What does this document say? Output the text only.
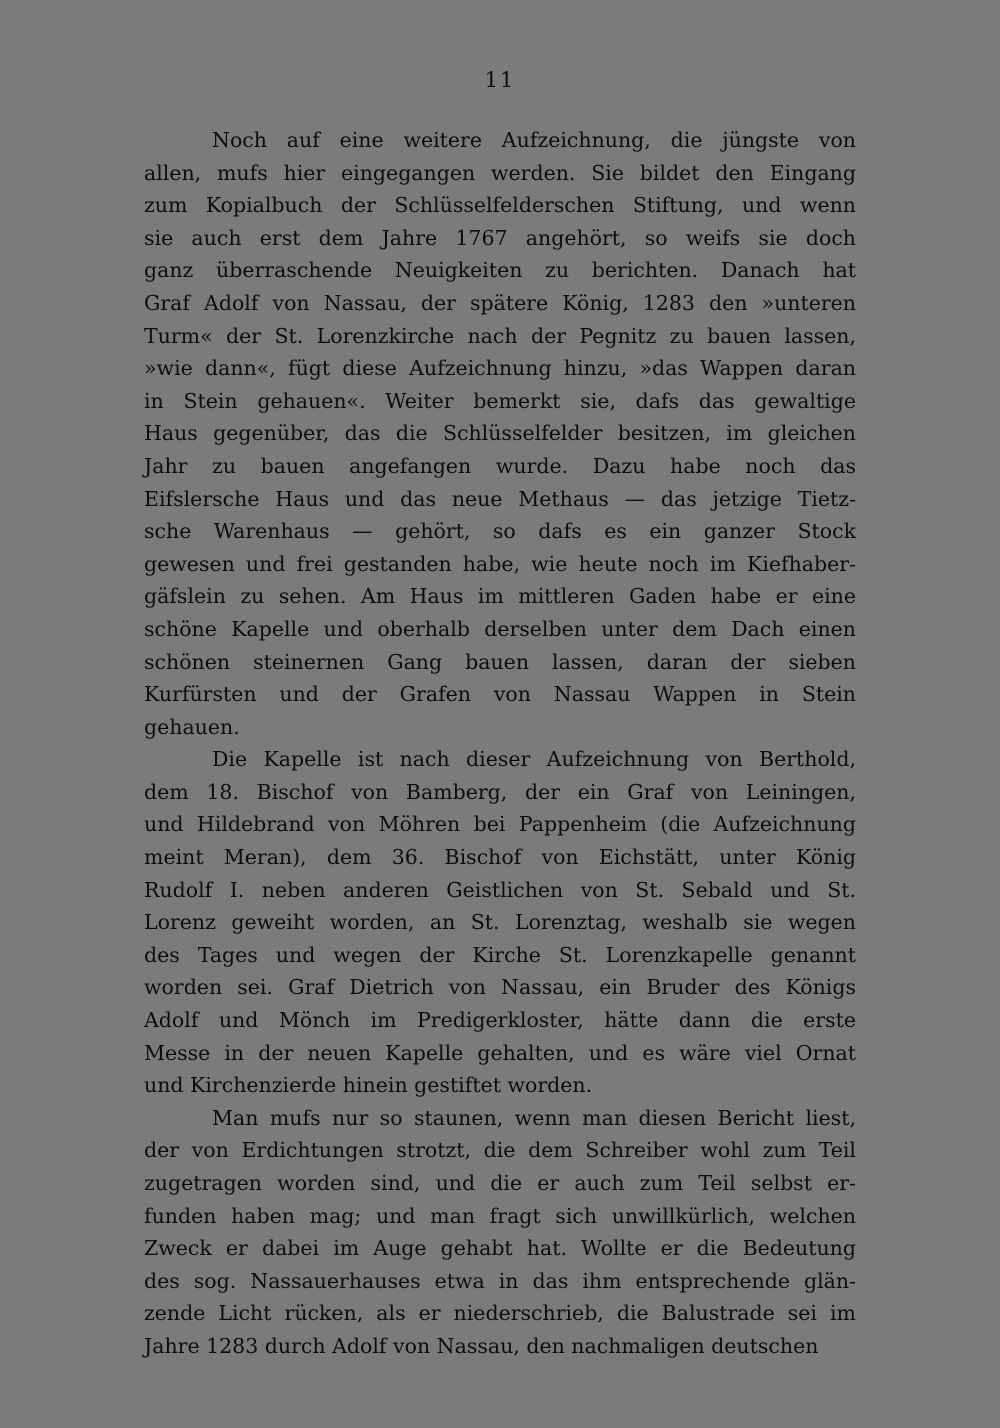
11
Noch auf eine weitere Aufzeichnung, die jüngste von
allen, mufs hier eingegangen werden. Sie bildet den Eingang
zum Kopialbuch der Schlüsselfelderschen Stiftung, und wenn
sie auch erst dem Jahre 1767 angehört, so weifs sie doch
ganz überraschende Neuigkeiten zu berichten. Danach hat
Graf Adolf von Nassau, der spätere König, 1283 den »unteren
Turm« der St. Lorenzkirche nach der Pegnitz zu bauen lassen,
»wie dann«, fügt diese Aufzeichnung hinzu, »das Wappen daran
in Stein gehauen«. Weiter bemerkt sie, dafs das gewaltige
Haus gegenüber, das die Schlüsselfelder besitzen, im gleichen
Jahr zu bauen angefangen wurde. Dazu habe noch das
Eifslersche Haus und das neue Methaus — das jetzige Tietz-
sche Warenhaus — gehört, so dafs es ein ganzer Stock
gewesen und frei gestanden habe, wie heute noch im Kiefhaber-
gäfslein zu sehen. Am Haus im mittleren Gaden habe er eine
schöne Kapelle und oberhalb derselben unter dem Dach einen
schönen steinernen Gang bauen lassen, daran der sieben
Kurfürsten und der Grafen von Nassau Wappen in Stein
gehauen.
Die Kapelle ist nach dieser Aufzeichnung von Berthold,
dem 18. Bischof von Bamberg, der ein Graf von Leiningen,
und Hildebrand von Möhren bei Pappenheim (die Aufzeichnung
meint Meran), dem 36. Bischof von Eichstätt, unter König
Rudolf I. neben anderen Geistlichen von St. Sebald und St.
Lorenz geweiht worden, an St. Lorenztag, weshalb sie wegen
des Tages und wegen der Kirche St. Lorenzkapelle genannt
worden sei. Graf Dietrich von Nassau, ein Bruder des Königs
Adolf und Mönch im Predigerkloster, hätte dann die erste
Messe in der neuen Kapelle gehalten, und es wäre viel Ornat
und Kirchenzierde hinein gestiftet worden.
Man mufs nur so staunen, wenn man diesen Bericht liest,
der von Erdichtungen strotzt, die dem Schreiber wohl zum Teil
zugetragen worden sind, und die er auch zum Teil selbst er-
funden haben mag; und man fragt sich unwillkürlich, welchen
Zweck er dabei im Auge gehabt hat. Wollte er die Bedeutung
des sog. Nassauerhauses etwa in das ihm entsprechende glän-
zende Licht rücken, als er niederschrieb, die Balustrade sei im
Jahre 1283 durch Adolf von Nassau, den nachmaligen deutschen
